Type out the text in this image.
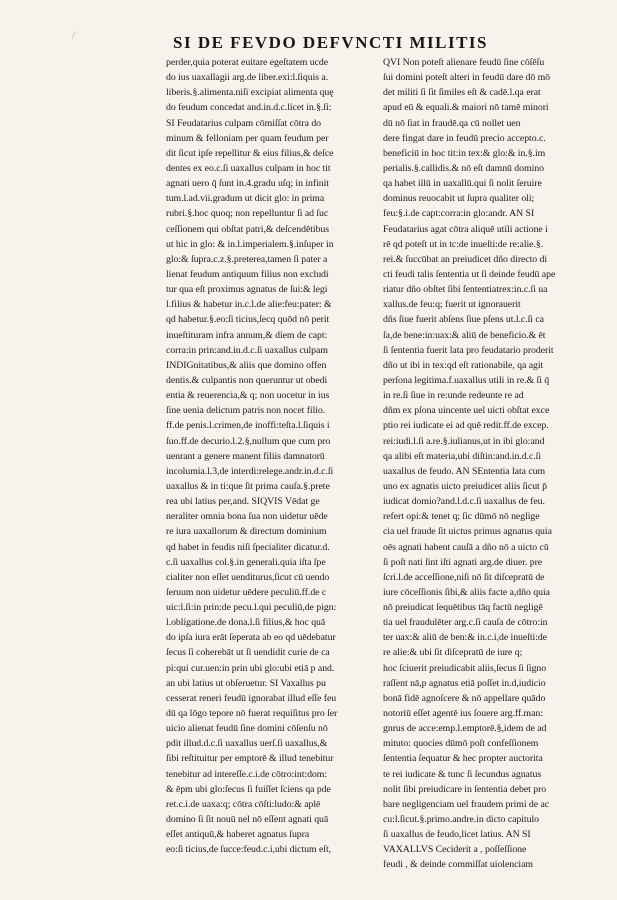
/	SI DE FEVDO DEFVNCTI MILITIS
perder,quia poterat euitare egeſtatem ucde
do ius uaxallagii arg.de liber.exi:l.ſiquis a.
liberis.§.alimenta.niſi excipiat alimenta quę
do feudum concedat and.in.d.c.licet in.§.ſi:
SI Feudatarius culpam cōmiſſat cōtra do
minum & felloniam per quam feudum per
dit ſicut ipſe repellitur & eius filius,& deſce
dentes ex eo.c.ſi uaxallus culpam in hoc tit
agnati uero q̄ ſunt in.4.gradu uſq; in infinit
tum.l.ad.vii.gradum ut dicit glo: in prima
rubri.§.hoc quoq; non repelluntur ſi ad ſuc
ceſſionem qui obſtat patri,& deſcendētibus
ut hic in glo: & in.l.imperialem.§.inſuper in
glo:& ſupra.c.z.§.preterea,tamen ſi pater a
lienat feudum antiquum filius non excludi
tur qua eſt proximus agnatus de ſui:& legi
l.filius & habetur in.c.l.de alie:feu:pater: &
qd habetur.§.eo:ſi ticius,ſecq quōd nō perit
inueſtituram infra annum,& diem de capt:
corra:in prin:and.in.d.c.ſi uaxallus culpam
INDIGnitatibus,& aliis que domino offen
dentis.& culpantis non queruntur ut obedi
entia & reuerencia,& q; non uocetur in ius
ſine uenia delictum patris non nocet filio.
ff.de penis.l.crimen,de inoffi:teſta.l.ſiquis i
ſuo.ff.de decurio.l.2.§,nullum que cum pro
uenrant a genere manent filiis damnatorū
incolumia.l.3,de interdi:relege.andr.in.d.c.ſi
uaxallus & in ti:que ſit prima cauſa.§.prete
rea ubi latius per,and. SIQVIS Vēdat ge
neraliter omnia bona ſua non uidetur uēde
re iura uaxallorum & directum dominium
qd habet in feudis niſi ſpecialiter dicatur.d.
c.ſi uaxallus col.§.in generali.quia iſta ſpe
cialiter non eſſet uenditurus,ſicut cū uendo
ſeruum non uidetur uēdere peculiū.ff.de c
uic:l.ſi:in prin:de pecu.l.qui peculiū,de pign:
l.obligatione.de dona.l.ſi filius,& hoc quā
do ipſa iura erāt ſeperata ab eo qd uēdebatur
ſecus ſi coherebāt ut ſi uendidit curie de ca
pi:qui cur.uen:in prin ubi glo:ubi etiā p and.
an ubi latius ut obſeruetur. SI Vaxallus pu
cesserat reneri feudū ignorabat illud eſſe feu
dū qa lōgo tepore nō fuerat requiſitus pro ſer
uicio alienat feudū ſine domini cōſenſu nō
pdit illud.d.c.ſi uaxallus uerſ.ſi uaxallus,&
ſibi reſtituitur per emptorē & illud tenebitur
tenebitur ad intereſſe.c.i.de cōtro:int:dom:
& ēpm ubi glo:ſecus ſi fuiſſet ſciens qa pde
ret.c.i.de uaxa:q; cōtra cōſti:ludo:& aplē
domino ſi ſit nouū nel nō eſſent agnati quā
eſſet antiquū,& haberet agnatus ſupra
eo:ſi ticius,de ſucce:feud.c.i,ubi dictum eſt,
QVI Non poteſt alienare feudū ſine cōſēſu
ſui domini poteſt alteri in feudū dare dō mō
det militi ſi ſit ſimiles eſt & cadē.l.qa erat
apud eū & equali.& maiori nō tamē minori
dū nō ſiat in fraudē.qa cū nollet uen
dere fingat dare in feudū precio accepto.c.
beneficiū in hoc tit:in tex:& glo:& in.§.im
perialis.§.callidis.& nō eſt damnū domino
qa habet illū in uaxallū.qui ſi nolit ſeruire
dominus reuocabit ut ſupra qualiter oli;
feu:§.i.de capt:corra:in glo:andr. AN SI
Feudatarius agat cōtra aliquē utili actione i
rē qd poteſt ut in tc:de inueſti:de re:alie.§.
rei.& ſuccūbat an preiudicet dño directo di
cti feudi talis ſententia ut ſi deinde feudū ape
riatur dño obſtet ſibi ſententiatrex:in.c.ſi ua
xallus.de feu:q; fuerit ut ignorauerit
dñs ſiue fuerit abſens ſiue pſens ut.l.c.ſi ca
ſa,de bene:in:uax:& aliū de beneficio.& ēt
ſi ſententia fuerit lata pro feudatario proderit
dño ut ibi in tex:qd eſt rationabile, qa agit
perſona legitima.f.uaxallus utili in re.& ſi q̄
in re.ſi ſiue in re:unde redeunte re ad
dñm ex pſona uincente uel uicti obſtat exce
ptio rei iudicate ei ad quē redit.ff.de excep.
rei:iudi.l.ſi a.re.§.iulianus,ut in ibi glo:and
qa alibi eſt materia,ubi diſtin:and.in.d.c.ſi
uaxallus de feudo. AN SEntentia lata cum
uno ex agnatis uicto preiudicet aliis ſicut p̄
iudicat domio?and.l.d.c.ſi uaxallus de feu.
refert opi:& tenet q; ſic dūmō nō neglige
cia uel fraude ſit uictus primus agnatus quia
oēs agnati habent cauſā a dño nō a uicto cū
ſi poſt nati ſint iſti agnati arg.de diuer. pre
ſcri.l.de acceſſione,niſi nō ſit diſcepratū de
iure cōceſſionis ſibi,& aliis facte a,dño quia
nō preiudicat ſequētibus tāq factū negligē
tia uel fraudulēter arg.c.ſi cauſa de cōtro:in
ter uax:& aliū de ben:& in.c.i,de inueſti:de
re alie:& ubi ſit diſcepratū de iure q;
hoc ſciuerit preiudicabit aliis,ſecus ſi ſigno
raſſent nā,p agnatus etiā poſſet in.d,iudicio
bonā fidē agnoſcere & nō appellare quādo
notoriū eſſet agentē ius ſouere arg.ff.man:
gnrus de acce:emp.l.emptorē.§,idem de ad
mituto: quocies dūmō poſt confeſſionem
ſententia ſequatur & hec propter auctorita
te rei iudicate & tunc ſi ſecundus agnatus
nolit ſibi preiudicare in ſententia debet pro
bare negligenciam uel fraudem primi de ac
cu:l.ſicut.§.primo.andre.in dicto capitulo
ſi uaxallus de feudo,licet latius. AN SI
VAXALLVS Ceciderit a , poſſeſſione
feudi , & deinde commiſſat uiolenciam
